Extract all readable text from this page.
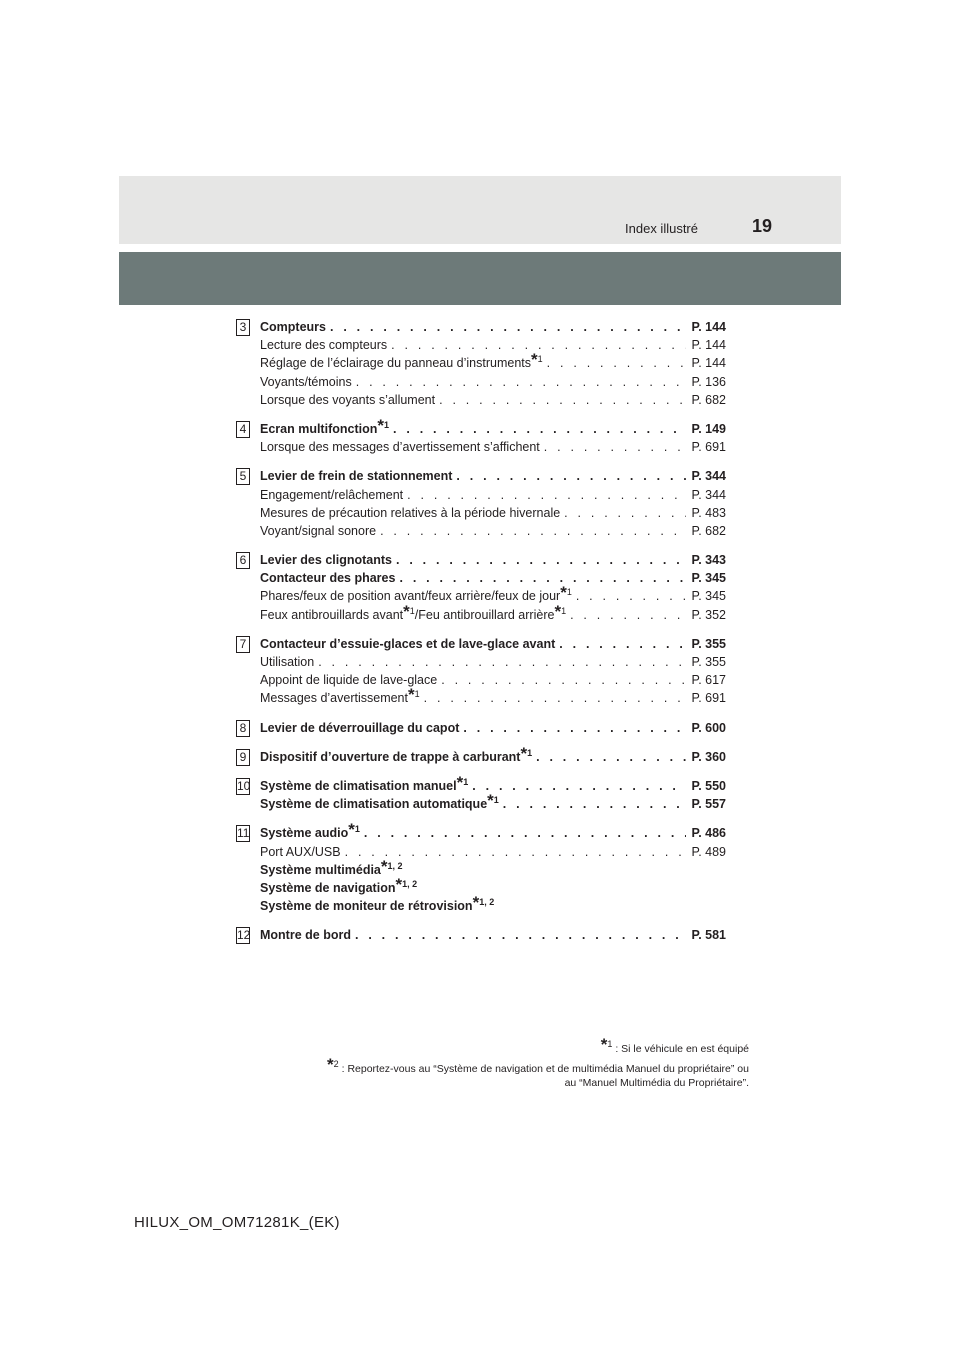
Index illustré	19
3 Compteurs . . .	P. 144
Lecture des compteurs . . .	P. 144
Réglage de l’éclairage du panneau d’instruments*$^1$ . . .	P. 144
Voyants/témoins . . .	P. 136
Lorsque des voyants s’allument . . .	P. 682
4 Ecran multifonction*$^1$ . . .	P. 149
Lorsque des messages d’avertissement s’affichent . . .	P. 691
5 Levier de frein de stationnement . . .	P. 344
Engagement/relâchement . . .	P. 344
Mesures de précaution relatives à la période hivernale . . .	P. 483
Voyant/signal sonore . . .	P. 682
6 Levier des clignotants . . .	P. 343
Contacteur des phares . . .	P. 345
Phares/feux de position avant/feux arrière/feux de jour*$^1$ . . .	P. 345
Feux antibrouillards avant*$^1$/Feu antibrouillard arrière*$^1$ . . .	P. 352
7 Contacteur d’essuie-glaces et de lave-glace avant . . .	P. 355
Utilisation . . .	P. 355
Appoint de liquide de lave-glace . . .	P. 617
Messages d’avertissement*$^1$ . . .	P. 691
8 Levier de déverrouillage du capot . . .	P. 600
9 Dispositif d’ouverture de trappe à carburant*$^1$ . . .	P. 360
10 Système de climatisation manuel*$^1$ . . .	P. 550
Système de climatisation automatique*$^1$ . . .	P. 557
11 Système audio*$^1$ . . .	P. 486
Port AUX/USB . . .	P. 489
Système multimédia*$^{1, 2}$
Système de navigation*$^{1, 2}$
Système de moniteur de rétrovision*$^{1, 2}$
12 Montre de bord . . .	P. 581
*$^1$ : Si le véhicule en est équipé
*$^2$ : Reportez-vous au “Système de navigation et de multimédia Manuel du propriétaire” ou
au “Manuel Multimédia du Propriétaire”.
HILUX_OM_OM71281K_(EK)
